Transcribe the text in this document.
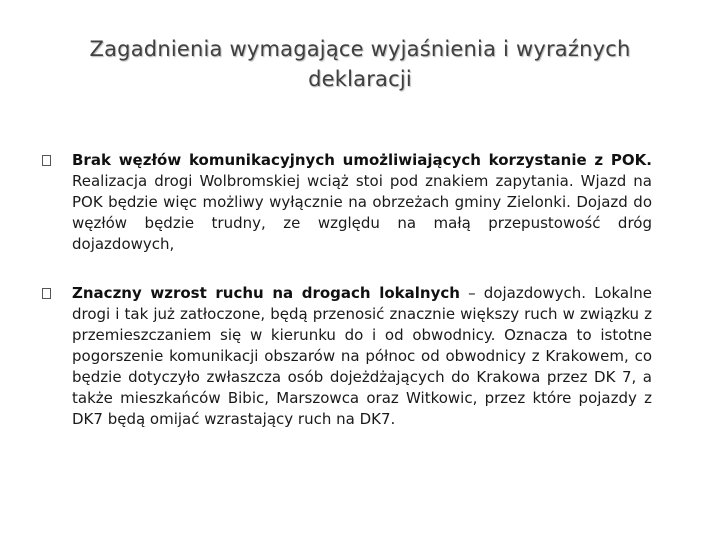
Zagadnienia wymagające wyjaśnienia i wyraźnych deklaracji
Brak węzłów komunikacyjnych umożliwiających korzystanie z POK. Realizacja drogi Wolbromskiej wciąż stoi pod znakiem zapytania. Wjazd na POK będzie więc możliwy wyłącznie na obrzeżach gminy Zielonki. Dojazd do węzłów będzie trudny, ze względu na małą przepustowość dróg dojazdowych,
Znaczny wzrost ruchu na drogach lokalnych – dojazdowych. Lokalne drogi i tak już zatłoczone, będą przenosić znacznie większy ruch w związku z przemieszczaniem się w kierunku do i od obwodnicy. Oznacza to istotne pogorszenie komunikacji obszarów na północ od obwodnicy z Krakowem, co będzie dotyczyło zwłaszcza osób dojeżdżających do Krakowa przez DK 7, a także mieszkańców Bibic, Marszowca oraz Witkowic, przez które pojazdy z DK7 będą omijać wzrastający ruch na DK7.
